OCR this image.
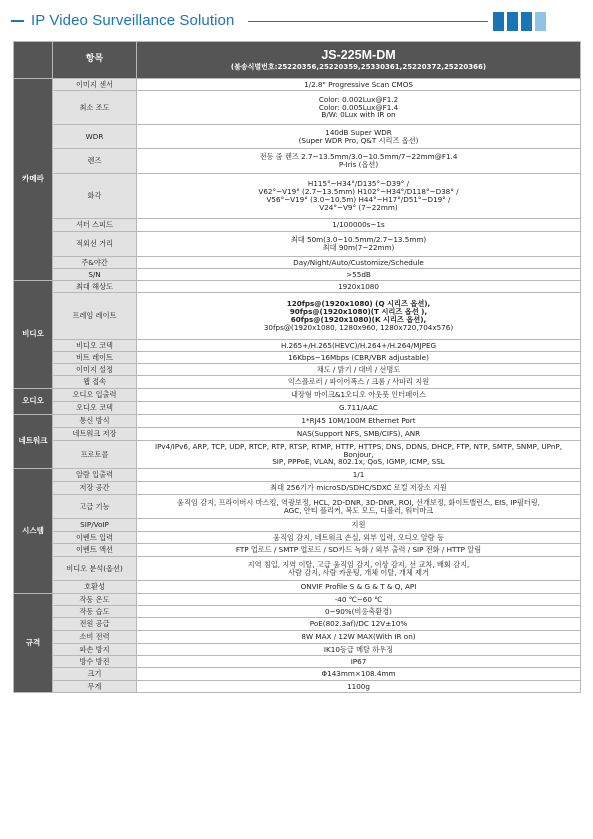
IP Video Surveillance Solution
	항목	JS-225M-DM
(불송식별번호:25220356,25220359,25330361,25220372,25220366)

카메라	이미지 센서	1/2.8" Progressive Scan CMOS

	최소 조도	Color: 0.002Lux@F1.2
Color: 0.005Lux@F1.4
B/W: 0Lux with IR on

	WDR	140dB Super WDR
(Super WDR Pro, Q&T 시리즈 옵션)

	렌즈	전동 줌 렌즈 2.7~13.5mm/3.0~10.5mm/7~22mm@F1.4
P-Iris (옵션)

	화각	H115°~H34°/D135°~D39° /
V62°~V19° (2.7~13.5mm) H102°~H34°/D118°~D38° /
V56°~V19° (3.0~10.5m) H44°~H17°/D51°~D19° /
V24°~V9° (7~22mm)

	셔터 스피드	1/100000s~1s

	적외선 거리	최대 50m(3.0~10.5mm/2.7~13.5mm)
최대 90m(7~22mm)

	주&야간	Day/Night/Auto/Customize/Schedule

	S/N	>55dB

비디오	최대 해상도	1920x1080

	프레임 레이트	120fps@(1920x1080) (Q 시리즈 옵션),
90fps@(1920x1080)(T 시리즈 옵션 ),
60fps@(1920x1080)(K 시리즈 옵션),
30fps@(1920x1080, 1280x960, 1280x720,704x576)

	비디오 코덱	H.265+/H.265(HEVC)/H.264+/H.264/MJPEG

	비트 레이트	16Kbps~16Mbps (CBR/VBR adjustable)

	이미지 설정	채도 / 밝기 / 대비 / 선명도

	웹 접속	익스플로러 / 파이어폭스 / 크롬 / 사파리 지원

오디오	오디오 입출력	내장형 마이크&1오디오 아웃풋 인터페이스

	오디오 코덱	G.711/AAC

네트워크	통신 방식	1*RJ45 10M/100M Ethernet Port

	네트워크 저장	NAS(Support NFS, SMB/CIFS), ANR

	프로토콜	IPv4/IPv6, ARP, TCP, UDP, RTCP, RTP, RTSP, RTMP, HTTP, HTTPS, DNS, DDNS, DHCP, FTP, NTP, SMTP, SNMP, UPnP, Bonjour,
SIP, PPPoE, VLAN, 802.1x, QoS, IGMP, ICMP, SSL

시스템	알람 입출력	1/1

	저장 공간	최대 256기가 microSD/SDHC/SDXC 로컬 저장소 지원

	고급 기능	움직임 감지, 프라이버시 마스킹, 역광보정, HCL, 2D-DNR, 3D-DNR, ROI, 선개보정, 화이트밸런스, EIS, IP필터링,
AGC, 안티 플리커, 복도 모드, 디블러, 워터마크

	SIP/VoIP	지원

	이벤트 입력	움직임 감지, 네트워크 손실, 외부 입력, 오디오 알람 등

	이벤트 액션	FTP 업로드 / SMTP 업로드 / SD카드 녹화 / 외부 출력 / SIP 전화 / HTTP 알림

	비디오 분석(옵션)	지역 침입, 지역 이탈, 고급 움직임 감지, 이상 감지, 선 교차, 배회 감지,
사람 감지, 사람 카운팅, 개체 이탈, 개체 제거

	호환성	ONVIF Profile S & G & T & Q, API

규격	작동 온도	-40 ℃~60 ℃

	작동 습도	0~90%(비응축환경)

	전원 공급	PoE(802.3af)/DC 12V±10%

	소비 전력	8W MAX / 12W MAX(With IR on)

	파손 방지	IK10등급 메탈 하우징

	방수 방진	IP67

	크기	Φ143mm×108.4mm

	무게	1100g
